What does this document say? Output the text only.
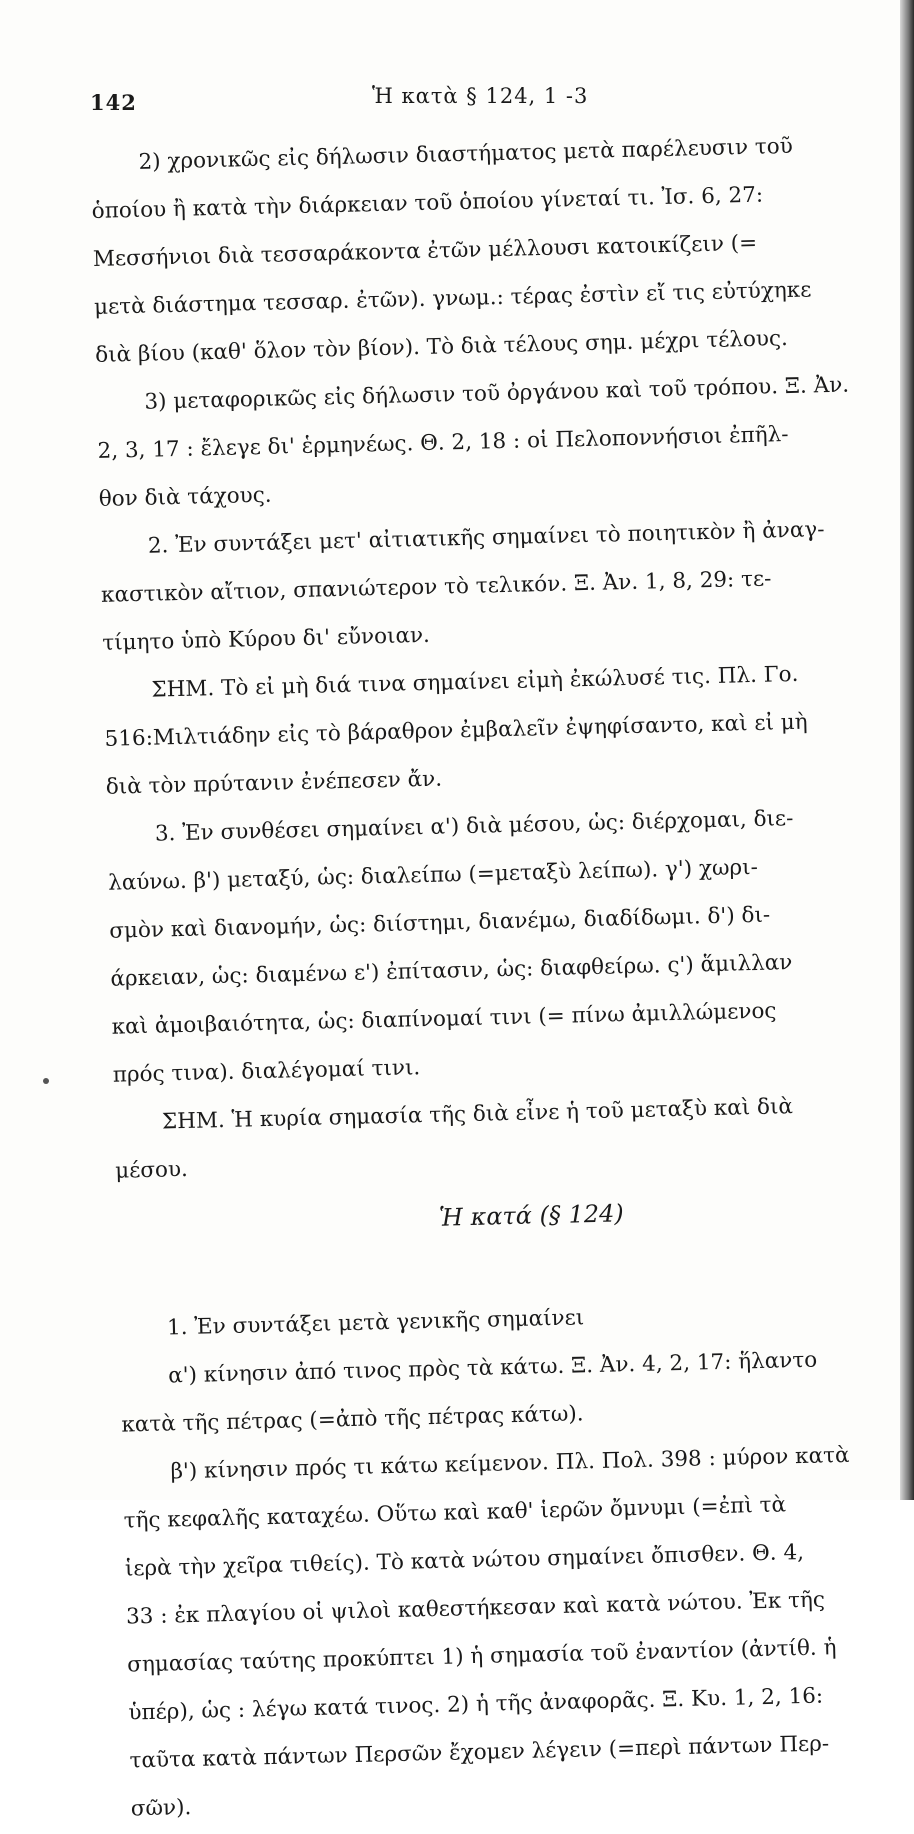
142	Ἡ κατὰ § 124, 1 -3
2) χρονικῶς εἰς δήλωσιν διαστήματος μετὰ παρέλευσιν τοῦ
ὁποίου ἢ κατὰ τὴν διάρκειαν τοῦ ὁποίου γίνεταί τι. Ἰσ. 6, 27:
Μεσσήνιοι διὰ τεσσαράκοντα ἐτῶν μέλλουσι κατοικίζειν (=
μετὰ διάστημα τεσσαρ. ἐτῶν). γνωμ.: τέρας ἐστὶν εἴ τις εὐτύχηκε
διὰ βίου (καθ' ὅλον τὸν βίον). Τὸ διὰ τέλους σημ. μέχρι τέλους.
3) μεταφορικῶς εἰς δήλωσιν τοῦ ὀργάνου καὶ τοῦ τρόπου. Ξ. Ἀν.
2, 3, 17 : ἔλεγε δι' ἑρμηνέως. Θ. 2, 18 : οἱ Πελοποννήσιοι ἐπῆλ-
θον διὰ τάχους.
2. Ἐν συντάξει μετ' αἰτιατικῆς σημαίνει τὸ ποιητικὸν ἢ ἀναγ-
καστικὸν αἴτιον, σπανιώτερον τὸ τελικόν. Ξ. Ἀν. 1, 8, 29: τε-
τίμητο ὑπὸ Κύρου δι' εὔνοιαν.
ΣΗΜ. Τὸ εἰ μὴ διά τινα σημαίνει εἰμὴ ἐκώλυσέ τις. Πλ. Γο.
516:Μιλτιάδην εἰς τὸ βάραθρον ἐμβαλεῖν ἐψηφίσαντο, καὶ εἰ μὴ
διὰ τὸν πρύτανιν ἐνέπεσεν ἄν.
3. Ἐν συνθέσει σημαίνει α') διὰ μέσου, ὡς: διέρχομαι, διε-
λαύνω. β') μεταξύ, ὡς: διαλείπω (=μεταξὺ λείπω). γ') χωρι-
σμὸν καὶ διανομήν, ὡς: διίστημι, διανέμω, διαδίδωμι. δ') δι-
άρκειαν, ὡς: διαμένω ε') ἐπίτασιν, ὡς: διαφθείρω. ς') ἅμιλλαν
καὶ ἀμοιβαιότητα, ὡς: διαπίνομαί τινι (= πίνω ἀμιλλώμενος
πρός τινα). διαλέγομαί τινι.
ΣΗΜ. Ἡ κυρία σημασία τῆς διὰ εἶνε ἡ τοῦ μεταξὺ καὶ διὰ
μέσου.
Ἡ κατά (§ 124)
1. Ἐν συντάξει μετὰ γενικῆς σημαίνει
α') κίνησιν ἀπό τινος πρὸς τὰ κάτω. Ξ. Ἀν. 4, 2, 17: ἥλαντο
κατὰ τῆς πέτρας (=ἀπὸ τῆς πέτρας κάτω).
β') κίνησιν πρός τι κάτω κείμενον. Πλ. Πολ. 398 : μύρον κατὰ
τῆς κεφαλῆς καταχέω. Οὕτω καὶ καθ' ἱερῶν ὄμνυμι (=ἐπὶ τὰ
ἱερὰ τὴν χεῖρα τιθείς). Τὸ κατὰ νώτου σημαίνει ὄπισθεν. Θ. 4,
33 : ἐκ πλαγίου οἱ ψιλοὶ καθεστήκεσαν καὶ κατὰ νώτου. Ἐκ τῆς
σημασίας ταύτης προκύπτει 1) ἡ σημασία τοῦ ἐναντίον (ἀντίθ. ἡ
ὑπέρ), ὡς : λέγω κατά τινος. 2) ἡ τῆς ἀναφορᾶς. Ξ. Κυ. 1, 2, 16:
ταῦτα κατὰ πάντων Περσῶν ἔχομεν λέγειν (=περὶ πάντων Περ-
σῶν).
